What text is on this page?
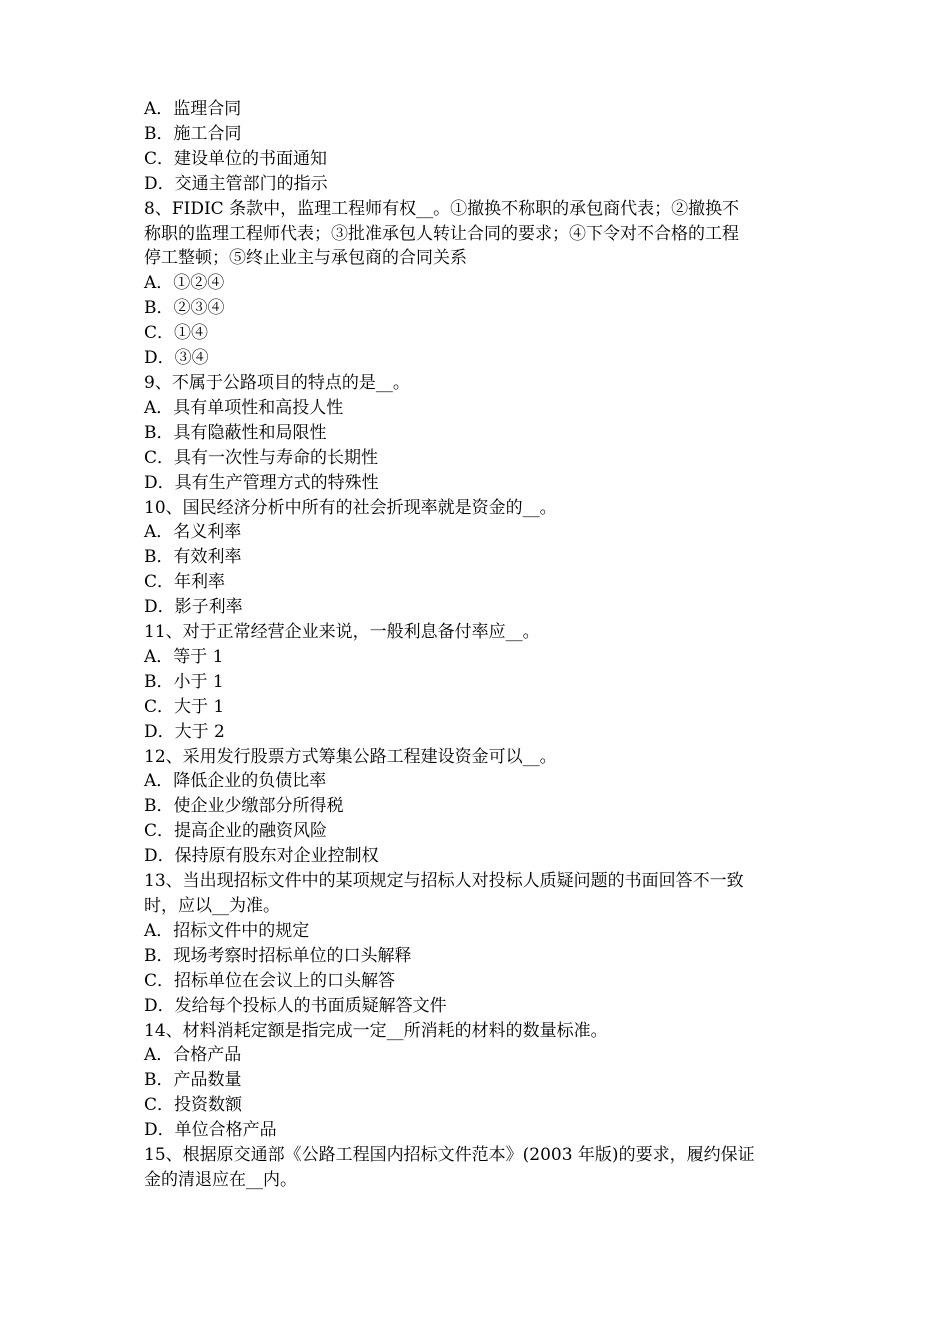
A．监理合同
B．施工合同
C．建设单位的书面通知
D．交通主管部门的指示
8、FIDIC 条款中，监理工程师有权__。①撤换不称职的承包商代表；②撤换不
称职的监理工程师代表；③批准承包人转让合同的要求；④下令对不合格的工程
停工整顿；⑤终止业主与承包商的合同关系
A．①②④
B．②③④
C．①④
D．③④
9、不属于公路项目的特点的是__。
A．具有单项性和高投人性
B．具有隐蔽性和局限性
C．具有一次性与寿命的长期性
D．具有生产管理方式的特殊性
10、国民经济分析中所有的社会折现率就是资金的__。
A．名义利率
B．有效利率
C．年利率
D．影子利率
11、对于正常经营企业来说，一般利息备付率应__。
A．等于 1
B．小于 1
C．大于 1
D．大于 2
12、采用发行股票方式筹集公路工程建设资金可以__。
A．降低企业的负债比率
B．使企业少缴部分所得税
C．提高企业的融资风险
D．保持原有股东对企业控制权
13、当出现招标文件中的某项规定与招标人对投标人质疑问题的书面回答不一致
时，应以__为准。
A．招标文件中的规定
B．现场考察时招标单位的口头解释
C．招标单位在会议上的口头解答
D．发给每个投标人的书面质疑解答文件
14、材料消耗定额是指完成一定__所消耗的材料的数量标准。
A．合格产品
B．产品数量
C．投资数额
D．单位合格产品
15、根据原交通部《公路工程国内招标文件范本》(2003 年版)的要求，履约保证
金的清退应在__内。
